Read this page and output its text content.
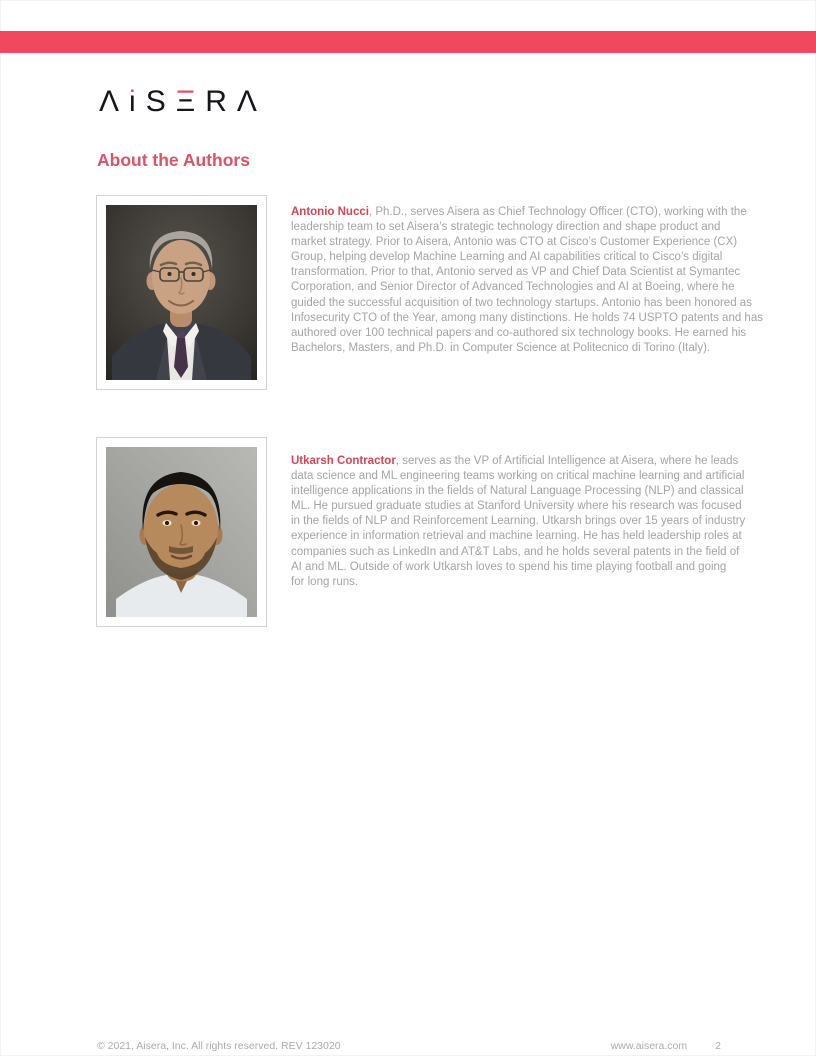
Λ i S Ξ R Λ
About the Authors
Antonio Nucci, Ph.D., serves Aisera as Chief Technology Officer (CTO), working with the
leadership team to set Aisera’s strategic technology direction and shape product and
market strategy. Prior to Aisera, Antonio was CTO at Cisco’s Customer Experience (CX)
Group, helping develop Machine Learning and AI capabilities critical to Cisco’s digital
transformation. Prior to that, Antonio served as VP and Chief Data Scientist at Symantec
Corporation, and Senior Director of Advanced Technologies and AI at Boeing, where he
guided the successful acquisition of two technology startups. Antonio has been honored as
Infosecurity CTO of the Year, among many distinctions. He holds 74 USPTO patents and has
authored over 100 technical papers and co-authored six technology books. He earned his
Bachelors, Masters, and Ph.D. in Computer Science at Politecnico di Torino (Italy).
Utkarsh Contractor, serves as the VP of Artificial Intelligence at Aisera, where he leads
data science and ML engineering teams working on critical machine learning and artificial
intelligence applications in the fields of Natural Language Processing (NLP) and classical
ML. He pursued graduate studies at Stanford University where his research was focused
in the fields of NLP and Reinforcement Learning. Utkarsh brings over 15 years of industry
experience in information retrieval and machine learning. He has held leadership roles at
companies such as LinkedIn and AT&T Labs, and he holds several patents in the field of
AI and ML. Outside of work Utkarsh loves to spend his time playing football and going
for long runs.
© 2021, Aisera, Inc. All rights reserved. REV 123020	www.aisera.com	2
